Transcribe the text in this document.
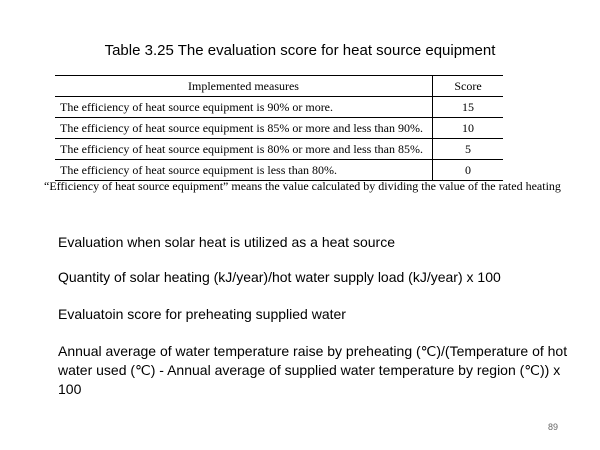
Table 3.25 The evaluation score for heat source equipment
Implemented measures	Score
The efficiency of heat source equipment is 90% or more.	15
The efficiency of heat source equipment is 85% or more and less than 90%.	10
The efficiency of heat source equipment is 80% or more and less than 85%.	5
The efficiency of heat source equipment is less than 80%.	0
“Efficiency of heat source equipment” means the value calculated by dividing the value of the rated heating
Evaluation when solar heat is utilized as a heat source
Quantity of solar heating (kJ/year)/hot water supply load (kJ/year) x 100
Evaluatoin score for preheating supplied water
Annual average of water temperature raise by preheating (℃)/(Temperature of hot water used (℃) - Annual average of supplied water temperature by region (℃)) x 100
89
